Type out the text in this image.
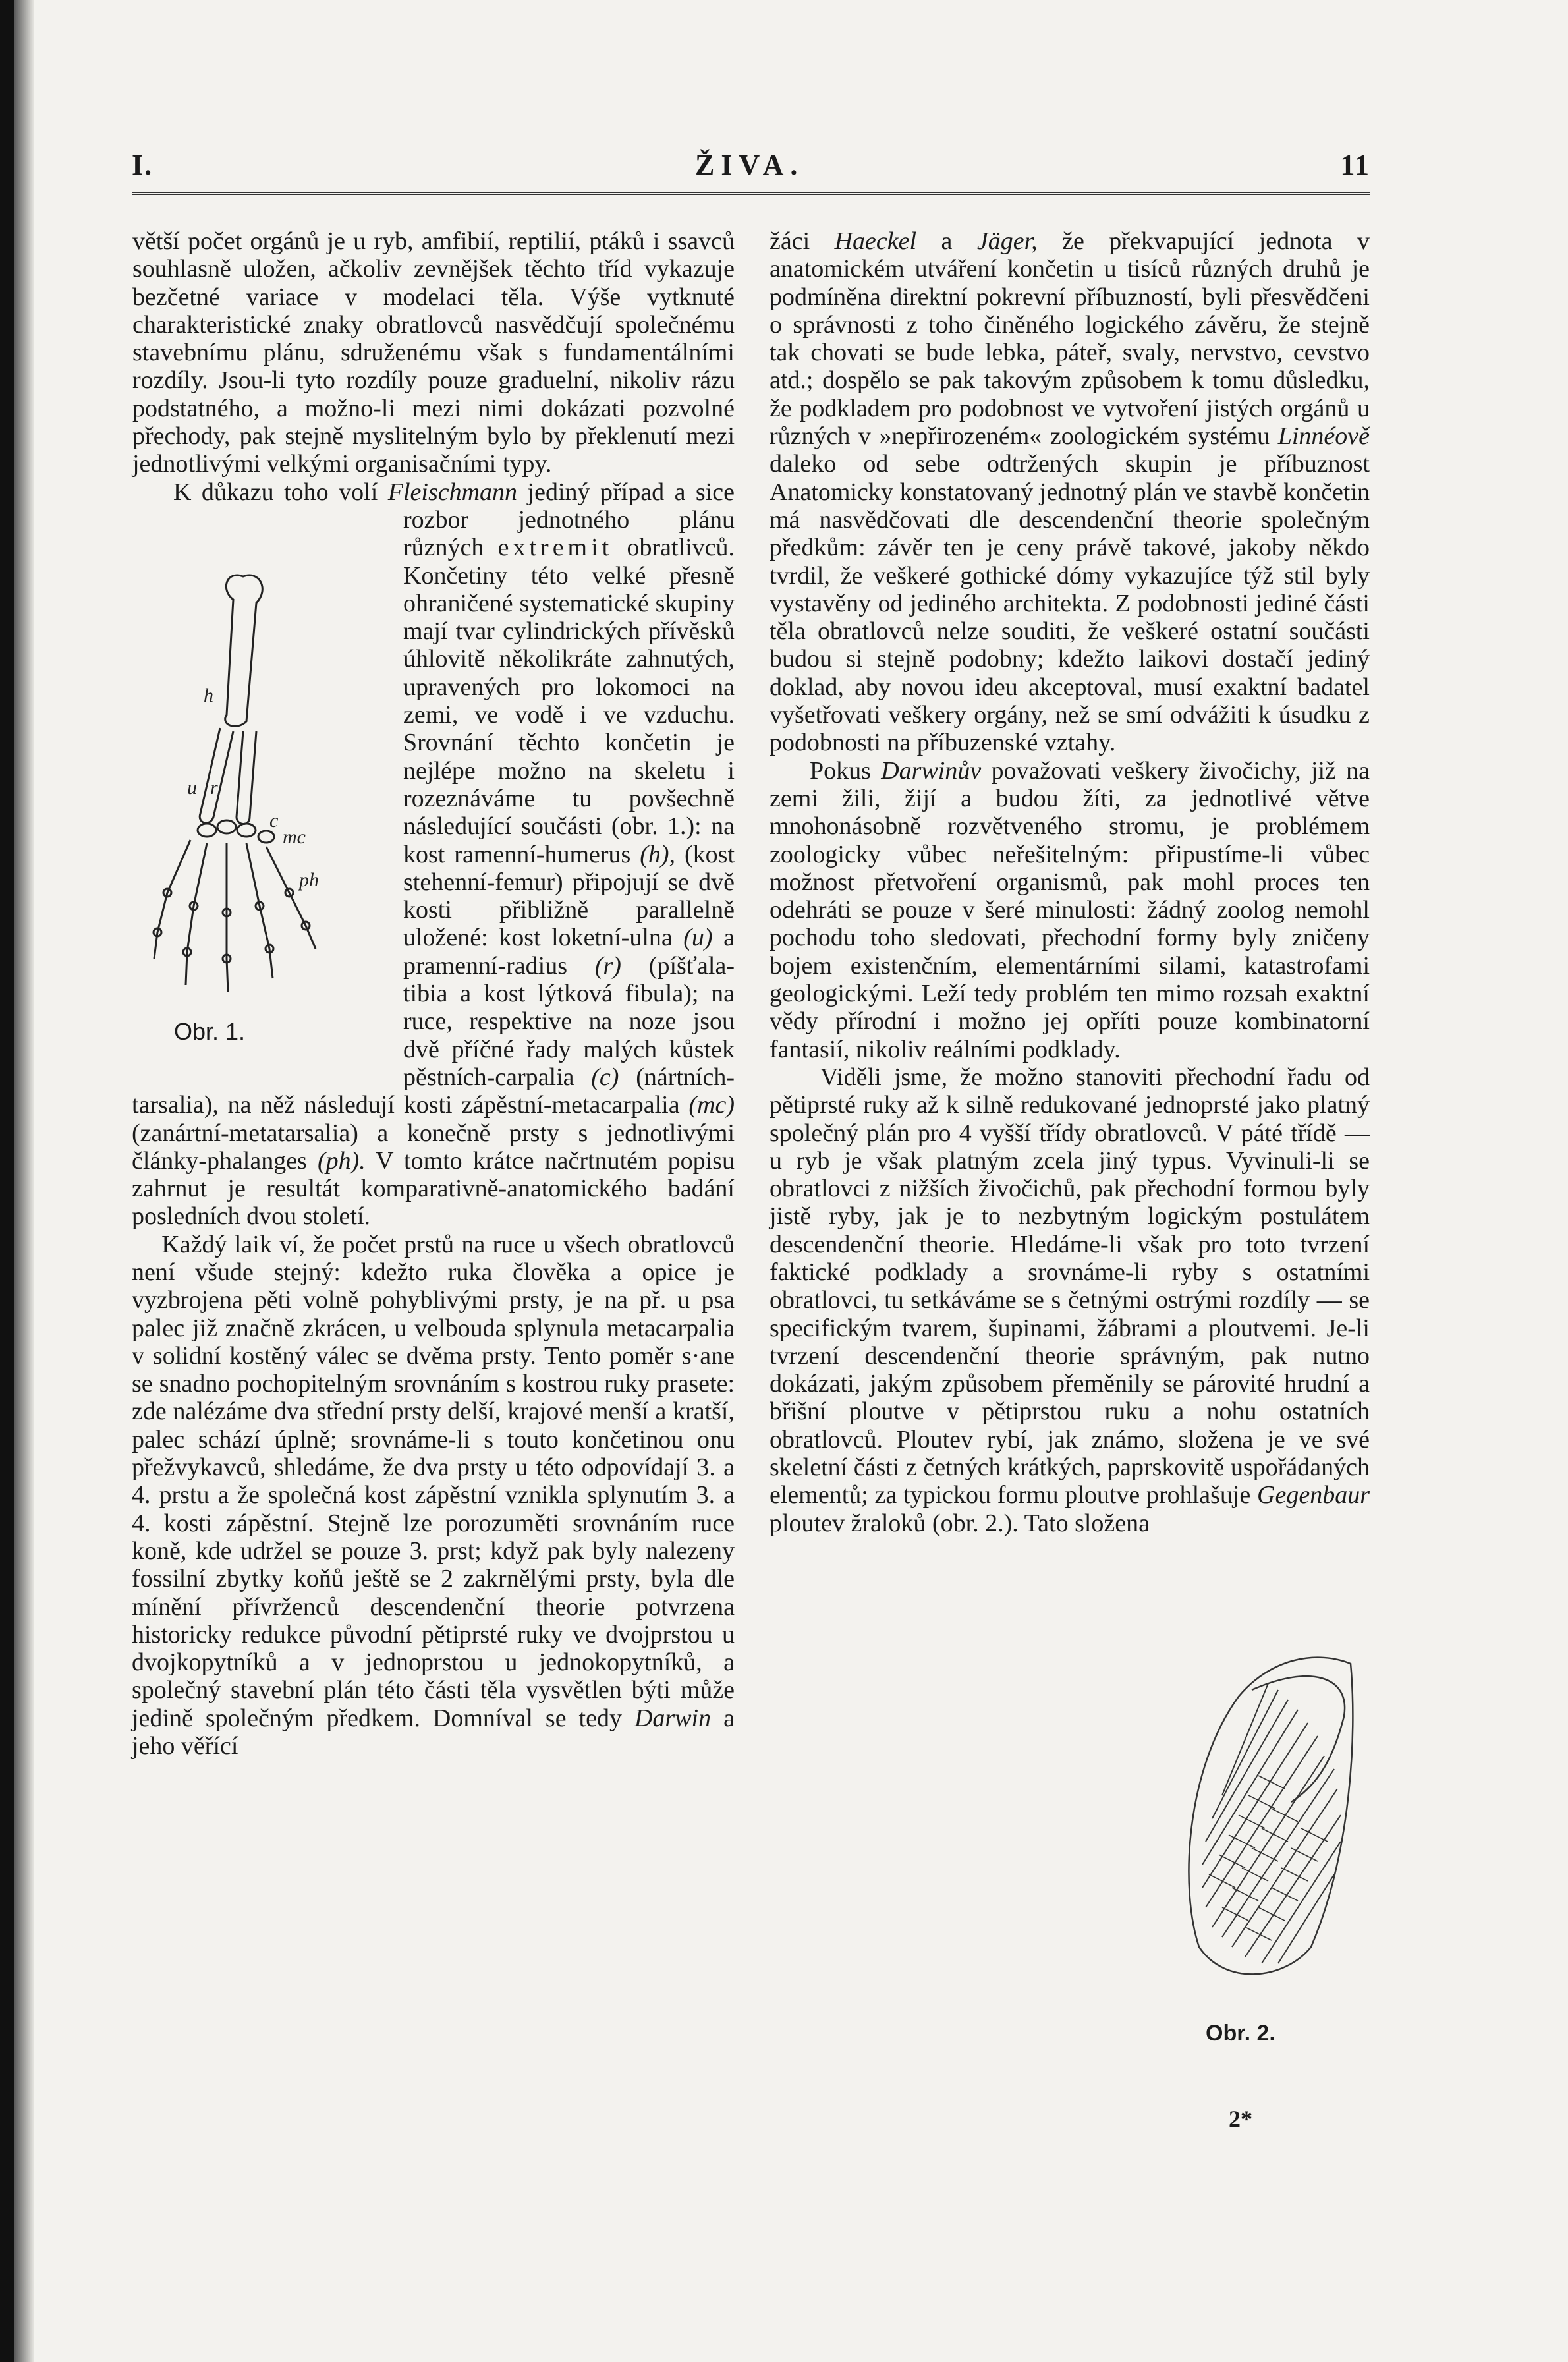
I.	ŽIVA.	11
h
u r
c
mc
ph
Obr. 1.

větší počet orgánů je u ryb, amfibií, reptilií, ptáků i ssavců souhlasně uložen, ačkoliv zevnějšek těchto tříd vykazuje bezčetné variace v modelaci těla. Výše vytknuté charakteristické znaky obratlovců nasvědčují společnému stavebnímu plánu, sdruženému však s fundamentálními rozdíly. Jsou-li tyto rozdíly pouze graduelní, nikoliv rázu podstatného, a možno-li mezi nimi dokázati pozvolné přechody, pak stejně myslitelným bylo by překlenutí mezi jednotlivými velkými organisačními typy.

K důkazu toho volí Fleischmann jediný případ a sice rozbor jednotného plánu různých extremit obratlivců. Končetiny této velké přesně ohraničené systematické skupiny mají tvar cylindrických přívěsků úhlovitě několikráte zahnutých, upravených pro lokomoci na zemi, ve vodě i ve vzduchu. Srovnání těchto končetin je nejlépe možno na skeletu i rozeznáváme tu povšechně následující součásti (obr. 1.): na kost ramenní-humerus (h), (kost stehenní-femur) připojují se dvě kosti přibližně parallelně uložené: kost loketní-ulna (u) a pramenní-radius (r) (píšťala-tibia a kost lýtková fibula); na ruce, respektive na noze jsou dvě příčné řady malých kůstek pěstních-carpalia (c) (nártních-tarsalia), na něž následují kosti zápěstní-metacarpalia (mc) (zanártní-metatarsalia) a konečně prsty s jednotlivými články-phalanges (ph). V tomto krátce načrtnutém popisu zahrnut je resultát komparativně-anatomického badání posledních dvou století.

Každý laik ví, že počet prstů na ruce u všech obratlovců není všude stejný: kdežto ruka člověka a opice je vyzbrojena pěti volně pohyblivými prsty, je na př. u psa palec již značně zkrácen, u velbouda splynula metacarpalia v solidní kostěný válec se dvěma prsty. Tento poměr s·ane se snadno pochopitelným srovnáním s kostrou ruky prasete: zde nalézáme dva střední prsty delší, krajové menší a kratší, palec schází úplně; srovnáme-li s touto končetinou onu přežvykavců, shledáme, že dva prsty u této odpovídají 3. a 4. prstu a že společná kost zápěstní vznikla splynutím 3. a 4. kosti zápěstní. Stejně lze porozuměti srovnáním ruce koně, kde udržel se pouze 3. prst; když pak byly nalezeny fossilní zbytky koňů ještě se 2 zakrnělými prsty, byla dle mínění přívrženců descendenční theorie potvrzena historicky redukce původní pětiprsté ruky ve dvojprstou u dvojkopytníků a v jednoprstou u jednokopytníků, a společný stavební plán této části těla vysvětlen býti může jedině společným předkem. Domníval se tedy Darwin a jeho věřící

Obr. 2.

žáci Haeckel a Jäger, že překvapující jednota v anatomickém utváření končetin u tisíců různých druhů je podmíněna direktní pokrevní příbuzností, byli přesvědčeni o správnosti z toho činěného logického závěru, že stejně tak chovati se bude lebka, páteř, svaly, nervstvo, cevstvo atd.; dospělo se pak takovým způsobem k tomu důsledku, že podkladem pro podobnost ve vytvoření jistých orgánů u různých v »nepřirozeném« zoologickém systému Linnéově daleko od sebe odtržených skupin je příbuznost Anatomicky konstatovaný jednotný plán ve stavbě končetin má nasvědčovati dle descendenční theorie společným předkům: závěr ten je ceny právě takové, jakoby někdo tvrdil, že veškeré gothické dómy vykazujíce týž stil byly vystavěny od jediného architekta. Z podobnosti jediné části těla obratlovců nelze souditi, že veškeré ostatní součásti budou si stejně podobny; kdežto laikovi dostačí jediný doklad, aby novou ideu akceptoval, musí exaktní badatel vyšetřovati veškery orgány, než se smí odvážiti k úsudku z podobnosti na příbuzenské vztahy.

Pokus Darwinův považovati veškery živočichy, již na zemi žili, žijí a budou žíti, za jednotlivé větve mnohonásobně rozvětveného stromu, je problémem zoologicky vůbec neřešitelným: připustíme-li vůbec možnost přetvoření organismů, pak mohl proces ten odehráti se pouze v šeré minulosti: žádný zoolog nemohl pochodu toho sledovati, přechodní formy byly zničeny bojem existenčním, elementárními silami, katastrofami geologickými. Leží tedy problém ten mimo rozsah exaktní vědy přírodní i možno jej opříti pouze kombinatorní fantasií, nikoliv reálními podklady.

Viděli jsme, že možno stanoviti přechodní řadu od pětiprsté ruky až k silně redukované jednoprsté jako platný společný plán pro 4 vyšší třídy obratlovců. V páté třídě — u ryb je však platným zcela jiný typus. Vyvinuli-li se obratlovci z nižších živočichů, pak přechodní formou byly jistě ryby, jak je to nezbytným logickým postulátem descendenční theorie. Hledáme-li však pro toto tvrzení faktické podklady a srovnáme-li ryby s ostatními obratlovci, tu setkáváme se s četnými ostrými rozdíly — se specifickým tvarem, šupinami, žábrami a ploutvemi. Je-li tvrzení descendenční theorie správným, pak nutno dokázati, jakým způsobem přeměnily se párovité hrudní a břišní ploutve v pětiprstou ruku a nohu ostatních obratlovců. Ploutev rybí, jak známo, složena je ve své skeletní části z četných krátkých, paprskovitě uspořádaných elementů; za typickou formu ploutve prohlašuje Gegenbaur ploutev žraloků (obr. 2.). Tato složena

2*
